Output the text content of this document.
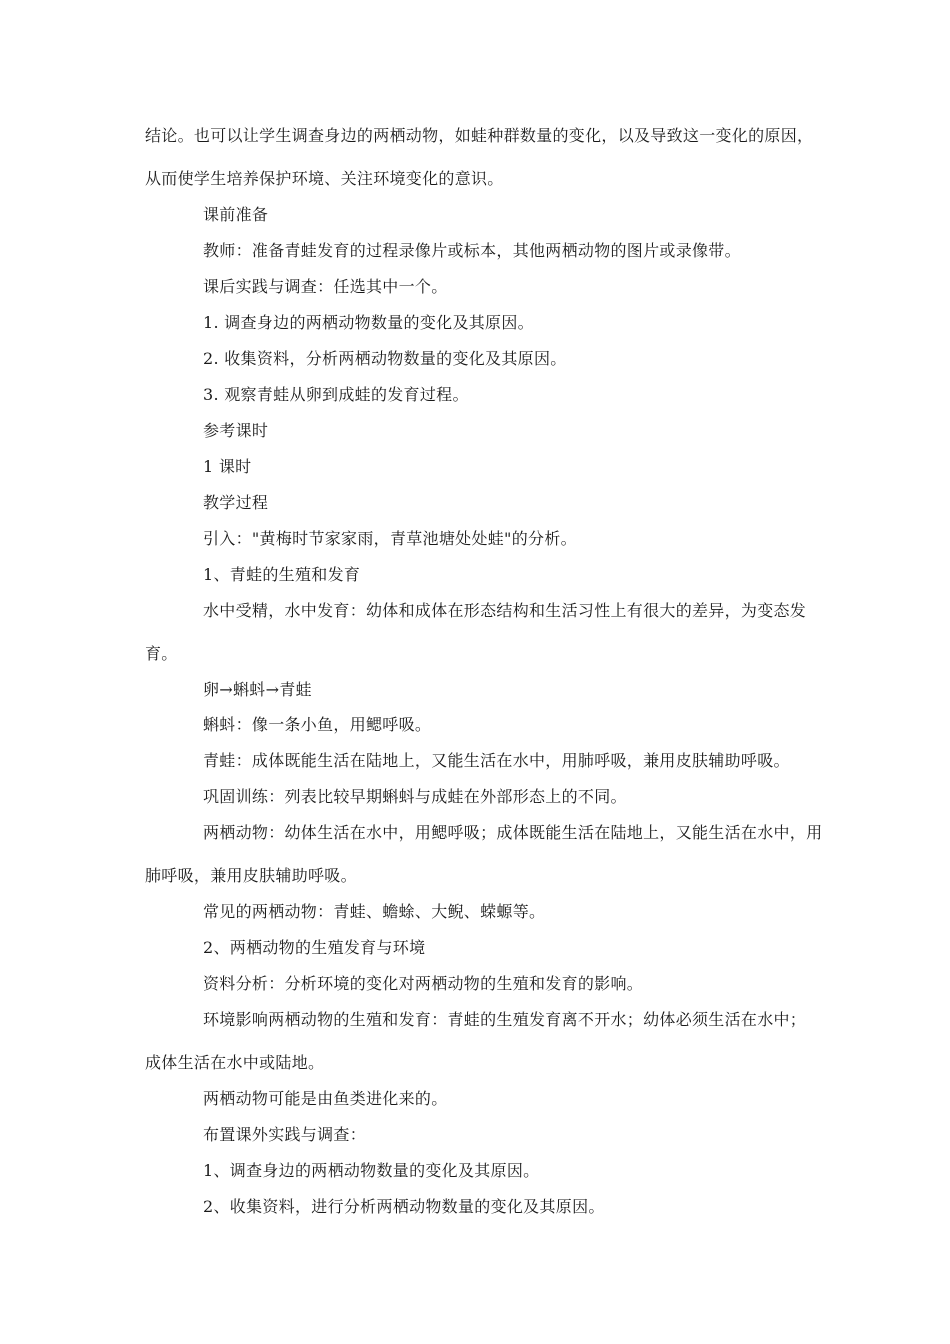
结论。也可以让学生调查身边的两栖动物，如蛙种群数量的变化，以及导致这一变化的原因，
从而使学生培养保护环境、关注环境变化的意识。
课前准备
教师：准备青蛙发育的过程录像片或标本，其他两栖动物的图片或录像带。
课后实践与调查：任选其中一个。
1. 调查身边的两栖动物数量的变化及其原因。
2. 收集资料，分析两栖动物数量的变化及其原因。
3. 观察青蛙从卵到成蛙的发育过程。
参考课时
1 课时
教学过程
引入："黄梅时节家家雨，青草池塘处处蛙"的分析。
1、青蛙的生殖和发育
水中受精，水中发育：幼体和成体在形态结构和生活习性上有很大的差异，为变态发
育。
卵→蝌蚪→青蛙
蝌蚪：像一条小鱼，用鳃呼吸。
青蛙：成体既能生活在陆地上，又能生活在水中，用肺呼吸，兼用皮肤辅助呼吸。
巩固训练：列表比较早期蝌蚪与成蛙在外部形态上的不同。
两栖动物：幼体生活在水中，用鳃呼吸；成体既能生活在陆地上，又能生活在水中，用
肺呼吸，兼用皮肤辅助呼吸。
常见的两栖动物：青蛙、蟾蜍、大鲵、蝾螈等。
2、两栖动物的生殖发育与环境
资料分析：分析环境的变化对两栖动物的生殖和发育的影响。
环境影响两栖动物的生殖和发育：青蛙的生殖发育离不开水；幼体必须生活在水中；
成体生活在水中或陆地。
两栖动物可能是由鱼类进化来的。
布置课外实践与调查：
1、调查身边的两栖动物数量的变化及其原因。
2、收集资料，进行分析两栖动物数量的变化及其原因。
